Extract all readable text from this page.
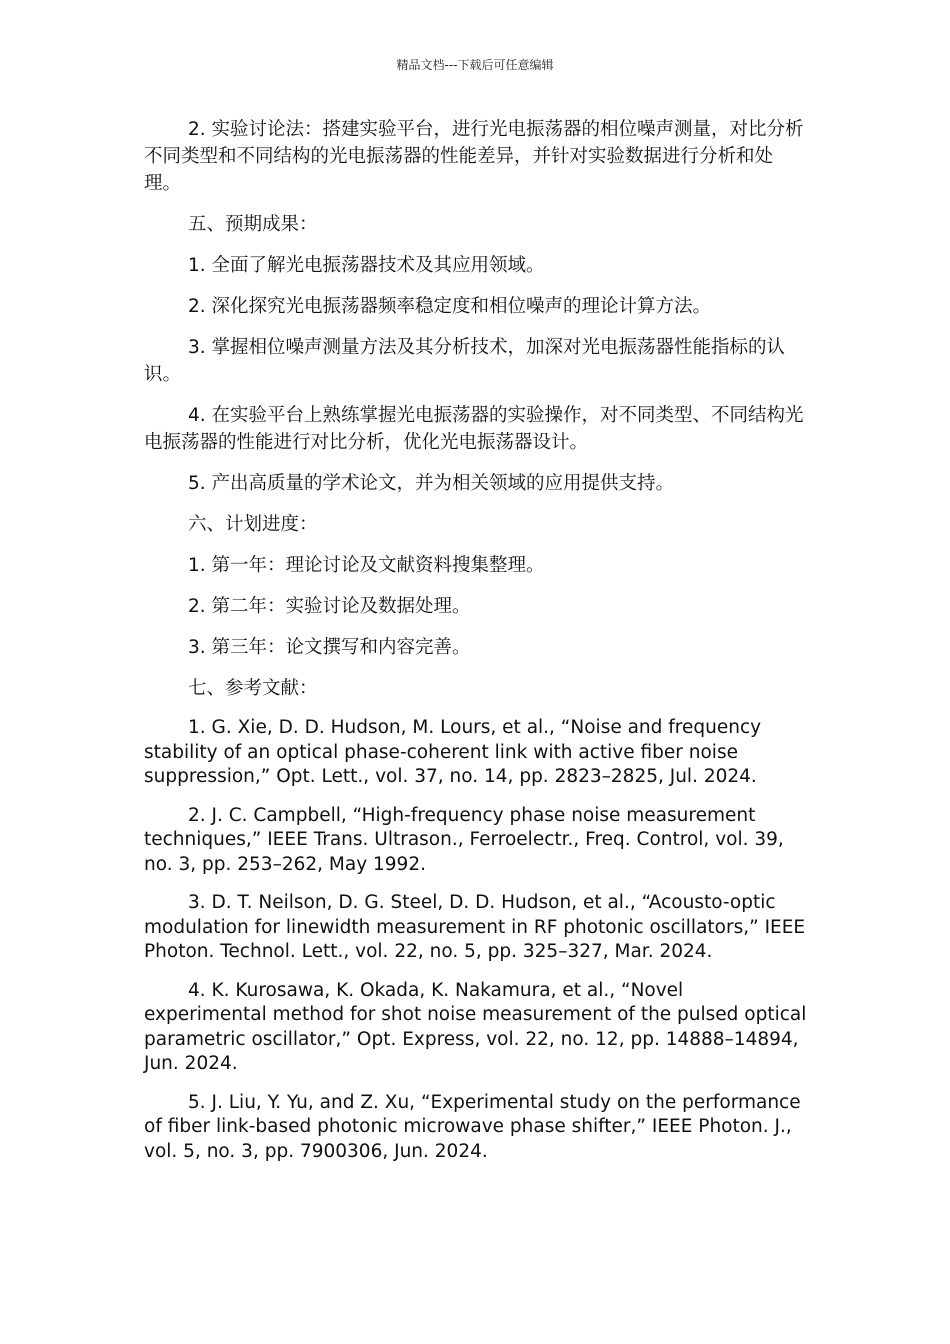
精品文档---下载后可任意编辑

2. 实验讨论法：搭建实验平台，进行光电振荡器的相位噪声测量，对比分析不同类型和不同结构的光电振荡器的性能差异，并针对实验数据进行分析和处理。

五、预期成果：

1. 全面了解光电振荡器技术及其应用领域。

2. 深化探究光电振荡器频率稳定度和相位噪声的理论计算方法。

3. 掌握相位噪声测量方法及其分析技术，加深对光电振荡器性能指标的认识。

4. 在实验平台上熟练掌握光电振荡器的实验操作，对不同类型、不同结构光电振荡器的性能进行对比分析，优化光电振荡器设计。

5. 产出高质量的学术论文，并为相关领域的应用提供支持。

六、计划进度：

1. 第一年：理论讨论及文献资料搜集整理。

2. 第二年：实验讨论及数据处理。

3. 第三年：论文撰写和内容完善。

七、参考文献：

1. G. Xie, D. D. Hudson, M. Lours, et al., “Noise and frequency stability of an optical phase-coherent link with active fiber noise suppression,” Opt. Lett., vol. 37, no. 14, pp. 2823–2825, Jul. 2024.

2. J. C. Campbell, “High-frequency phase noise measurement techniques,” IEEE Trans. Ultrason., Ferroelectr., Freq. Control, vol. 39, no. 3, pp. 253–262, May 1992.

3. D. T. Neilson, D. G. Steel, D. D. Hudson, et al., “Acousto-optic modulation for linewidth measurement in RF photonic oscillators,” IEEE Photon. Technol. Lett., vol. 22, no. 5, pp. 325–327, Mar. 2024.

4. K. Kurosawa, K. Okada, K. Nakamura, et al., “Novel experimental method for shot noise measurement of the pulsed optical parametric oscillator,” Opt. Express, vol. 22, no. 12, pp. 14888–14894, Jun. 2024.

5. J. Liu, Y. Yu, and Z. Xu, “Experimental study on the performance of fiber link-based photonic microwave phase shifter,” IEEE Photon. J., vol. 5, no. 3, pp. 7900306, Jun. 2024.
